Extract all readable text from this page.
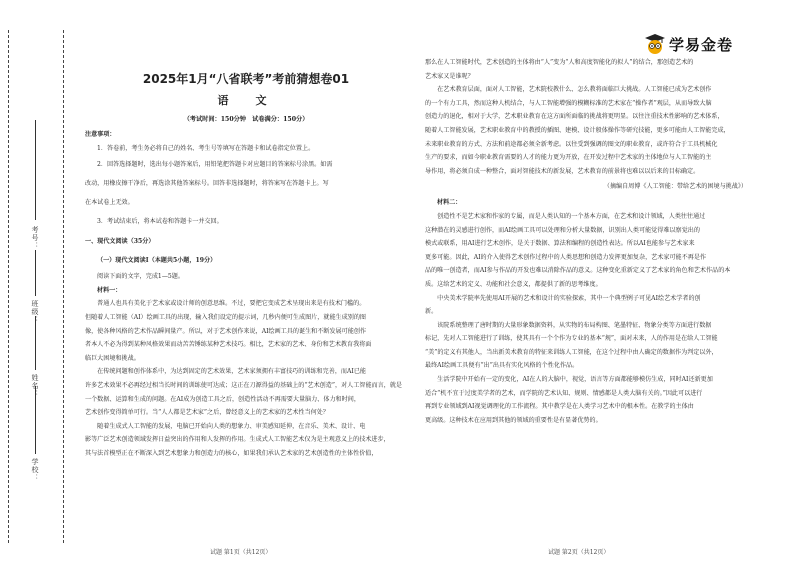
学校：
姓名：
班级：
考号：
学易金卷
2025年1月“八省联考”考前猜想卷01
语　文
（考试时间：150分钟　试卷满分：150分）
注意事项：
1．答卷前，考生务必将自己的姓名、考生号等填写在答题卡和试卷指定位置上。
2．回答选择题时，选出每小题答案后，用铅笔把答题卡对应题目的答案标号涂黑。如需
改动，用橡皮擦干净后，再选涂其他答案标号。回答非选择题时，将答案写在答题卡上。写
在本试卷上无效。
3．考试结束后，将本试卷和答题卡一并交回。
一、现代文阅读（35分）
（一）现代文阅读Ⅰ（本题共5小题，19分）
阅读下面的文字，完成1—5题。
材料一：
　　普通人也具有美化于艺术家或设计师的创意思维。不过，要把它变成艺术呈现出来是有技术门槛的。
但随着人工智能（AI）绘画工具的出现，输入我们设定的提示词，几秒内便可生成图片，就能生成别的图
像，使各种风格的艺术作品瞬间量产。所以，对于艺术创作来说，AI绘画工具的诞生和不断发展可能创作
者本人不必为得到某种风格效果而动苦苦锤练某种艺术技巧。相比，艺术家的艺术、身份和艺术教育我将面
临巨大困境和挑战。
　　在传统问题和创作体系中，为达到固定的艺术效果，艺术家须拥有丰富技巧的训练和完善，而AI已能
许多艺术效果不必再经过相当长时间的训练使可达成；这正在刀源得益的基础上的“艺术创造”，对人工智能而言，就是
一个数据、运算和生成的问题。在AI成为创造工具之后，创造性活动不再需要大量脑力、体力和时间，
艺术创作变得简单可行。当“人人都是艺术家”之后，曾经意义上的艺术家的艺术性当何处？
　　随着生成式人工智能的发展，电脑已开始向人类的想象力、审美感知延伸，在音乐、美术、设计、电
影等广泛艺术创造领域发挥日益突出的作用和人发挥的作用。生成式人工智能艺术仅为是主观意义上的技术进步，
其与法首模型正在不断深入到艺术想象力和创造力的核心，如果我们承认艺术家的艺术创造性的主体性价值，
试题 第1页（共12页）
那么在人工智能时代，艺术创造的主体将由“人”变为“人和高度智能化的拟人”的结合，那创造艺术的
艺术家又是谁呢？
　　在艺术教育层面，面对人工智能，艺术院校教什么、怎么教将面临巨大挑战。人工智能已成为艺术创作
的一个有力工具，然而这种人机结合，与人工智能增强的模糊标准的艺术家在“操作者”观层，从而导致大脑
创造力的退化，相对于大学，艺术职业教育在这方面所面临的挑战将更明显。以往注重技术性影响的艺术体系，
随着人工智能发展，艺术职业教育中的教授的插图、建模、设计般体操作等研究技能，更多可能由人工智能完成，
未来职业教育的方式、方法和前途都必须全新考虑。以往受到强调的图文的职业教育，或许符合于工具机械化
生产的要求，而如今职业教育需要的人才的能力更为开放，在开发过程中艺术家的主体地位与人工智能的主
导作用，将必须自成一种整合，面对智能技术的新发展，艺术教育的前景将也难以以后来的目标确定。
（摘编自周博《人工智能：带给艺术的困境与挑战》）
材料二：
　　创造性不是艺术家和作家的专属，而是人类认知的一个基本方面，在艺术和设计领域，人类往往通过
这种潜在的灵感进行创作，而AI绘画工具可以处理和分析大量数据，识别出人类可能觉得难以察觉出的
模式或联系，用AI进行艺术创作，是关于数据、算法和编程的创造性表达。所以AI也能参与艺术家来
更多可能。因此，AI的介入使得艺术创作过程中的人类思想和创造力发挥更加复杂，艺术家可能不再是作
品的唯一创造者，而AI参与作品的开发也难以消除作品的意义。这种变化重新定义了艺术家的角色和艺术作品的本
质。这给艺术的定义、功能和社会意义，都提供了新的思考维度。
　　中央美术学院率先使用AI开展的艺术和设计的实验探索，其中一个典型例子可见AI绘艺术学者的创
新。
　　该院系统整理了唐时期的大量形象数据资料，从实物的布局构图、笔墨特征、物象分类等方面进行数据
标记，先对人工智能进行了训练，使其具有一个个作为专业的基本“规”，面对未来，人的作用是在给人工智能
“美”的定义有其他人，当出新美术教育的特征来训练人工智能，在这个过程中由人确定的数据作为判定以外，
最终AI绘画工具便有“出”出具有实化风格的个性化作品。
　　生活学院中开始有一定的变化，AI在人的大脑中，视觉，语言等方面都能够模仿生成，同时AI还新更加
适合“机不宜于过度美学者的艺术，而学院的艺术认知、规则、情感都是人类大脑有关的。”因此可以进行
再到专业领域到AI视觉调理化的工作流程。其中教学是在人类学习艺术中的根本性。在教学的主体由
更高级。这种技术在应用到其他的领域的重要性是有显著优势的。
试题 第2页（共12页）
